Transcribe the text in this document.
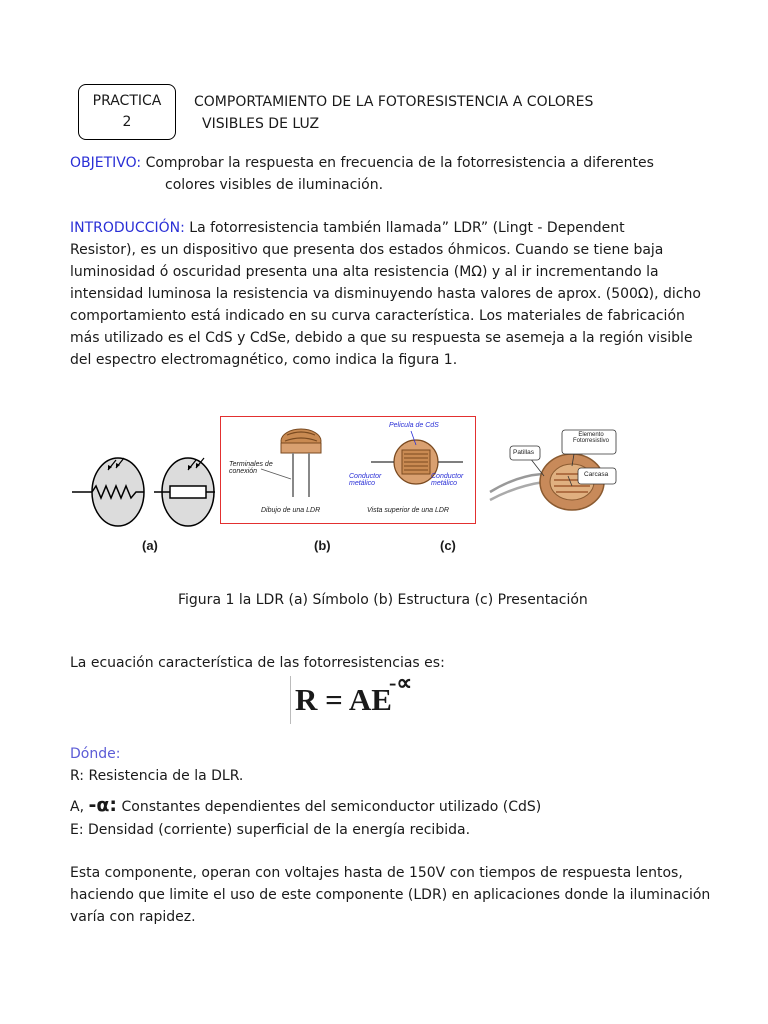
PRACTICA
2
COMPORTAMIENTO DE LA FOTORESISTENCIA A COLORES
VISIBLES DE LUZ
OBJETIVO: Comprobar la respuesta en frecuencia de la fotorresistencia a diferentes
colores visibles de iluminación.
INTRODUCCIÓN: La fotorresistencia también llamada” LDR” (Lingt - Dependent
Resistor), es un dispositivo que presenta dos estados óhmicos. Cuando se tiene baja
luminosidad ó oscuridad presenta una alta resistencia (MΩ) y al ir incrementando la
intensidad luminosa la resistencia va disminuyendo hasta valores de aprox. (500Ω), dicho
comportamiento está indicado en su curva característica. Los materiales de fabricación
más utilizado es el CdS y CdSe, debido a que su respuesta se asemeja a la región visible
del espectro electromagnético, como indica la figura 1.
Terminales de conexión
Dibujo de una LDR
Pelicula de CdS
Conductor metálico
Conductor metálico
Vista superior de una LDR
Patillas
Elemento Fotorresistivo
Carcasa
(a)	(b)	(c)
Figura 1 la LDR (a) Símbolo (b) Estructura (c) Presentación
La ecuación característica de las fotorresistencias es:
R = AE
-∝
Dónde:
R: Resistencia de la DLR.
A, -α: Constantes dependientes del semiconductor utilizado (CdS)
E: Densidad (corriente) superficial de la energía recibida.
Esta componente, operan con voltajes hasta de 150V con tiempos de respuesta lentos,
haciendo que limite el uso de este componente (LDR) en aplicaciones donde la iluminación
varía con rapidez.
